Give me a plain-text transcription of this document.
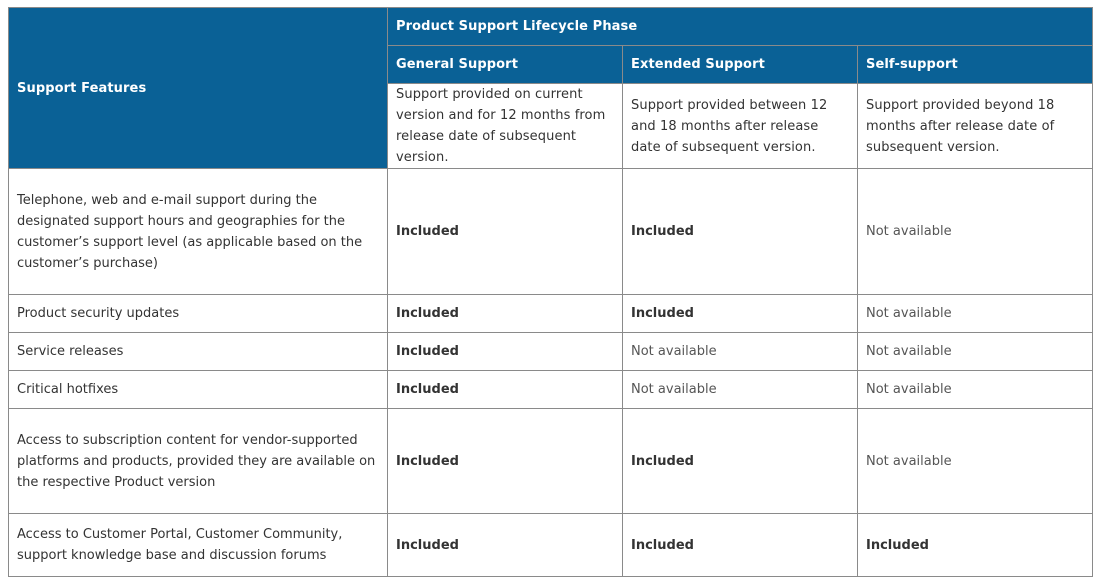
Support Features	Product Support Lifecycle Phase		
	General Support	Extended Support	Self-support
	Support provided on current version and for 12 months from release date of subsequent version.	Support provided between 12 and 18 months after release date of subsequent version.	Support provided beyond 18 months after release date of subsequent version.
Telephone, web and e-mail support during the designated support hours and geographies for the customer’s support level (as applicable based on the customer’s purchase)	Included	Included	Not available
Product security updates	Included	Included	Not available
Service releases	Included	Not available	Not available
Critical hotfixes	Included	Not available	Not available
Access to subscription content for vendor-supported platforms and products, provided they are available on the respective Product version	Included	Included	Not available
Access to Customer Portal, Customer Community, support knowledge base and discussion forums	Included	Included	Included
